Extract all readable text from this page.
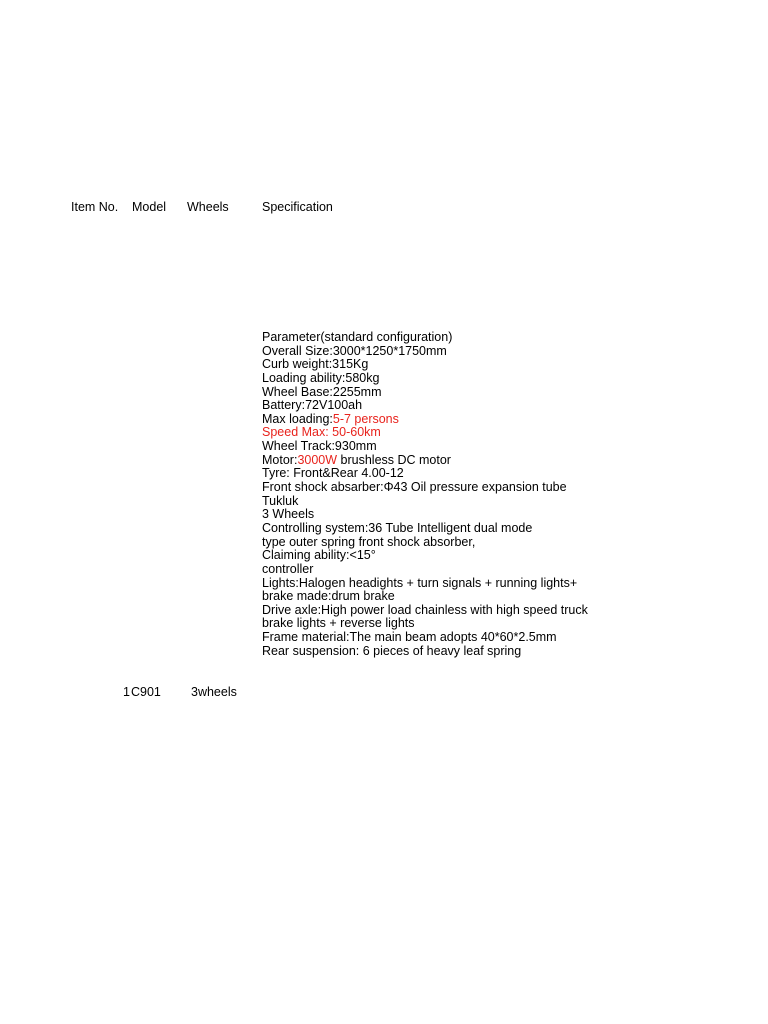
Item No. Model Wheels	Specification
Parameter(standard configuration)
Overall Size:3000*1250*1750mm
Curb weight:315Kg
Loading ability:580kg
Wheel Base:2255mm
Battery:72V100ah
Max loading:5-7 persons
Speed Max: 50-60km
Wheel Track:930mm
Motor:3000W brushless DC motor
Tyre: Front&Rear 4.00-12
Front shock absarber:Φ43 Oil pressure expansion tube
Tukluk
3 Wheels
Controlling system:36 Tube Intelligent dual mode
type outer spring front shock absorber,
Claiming ability:<15°
controller
Lights:Halogen headights + turn signals + running lights+
brake made:drum brake
Drive axle:High power load chainless with high speed truck
brake lights + reverse lights
Frame material:The main beam adopts 40*60*2.5mm
Rear suspension: 6 pieces of heavy leaf spring
1 C901 3wheels
